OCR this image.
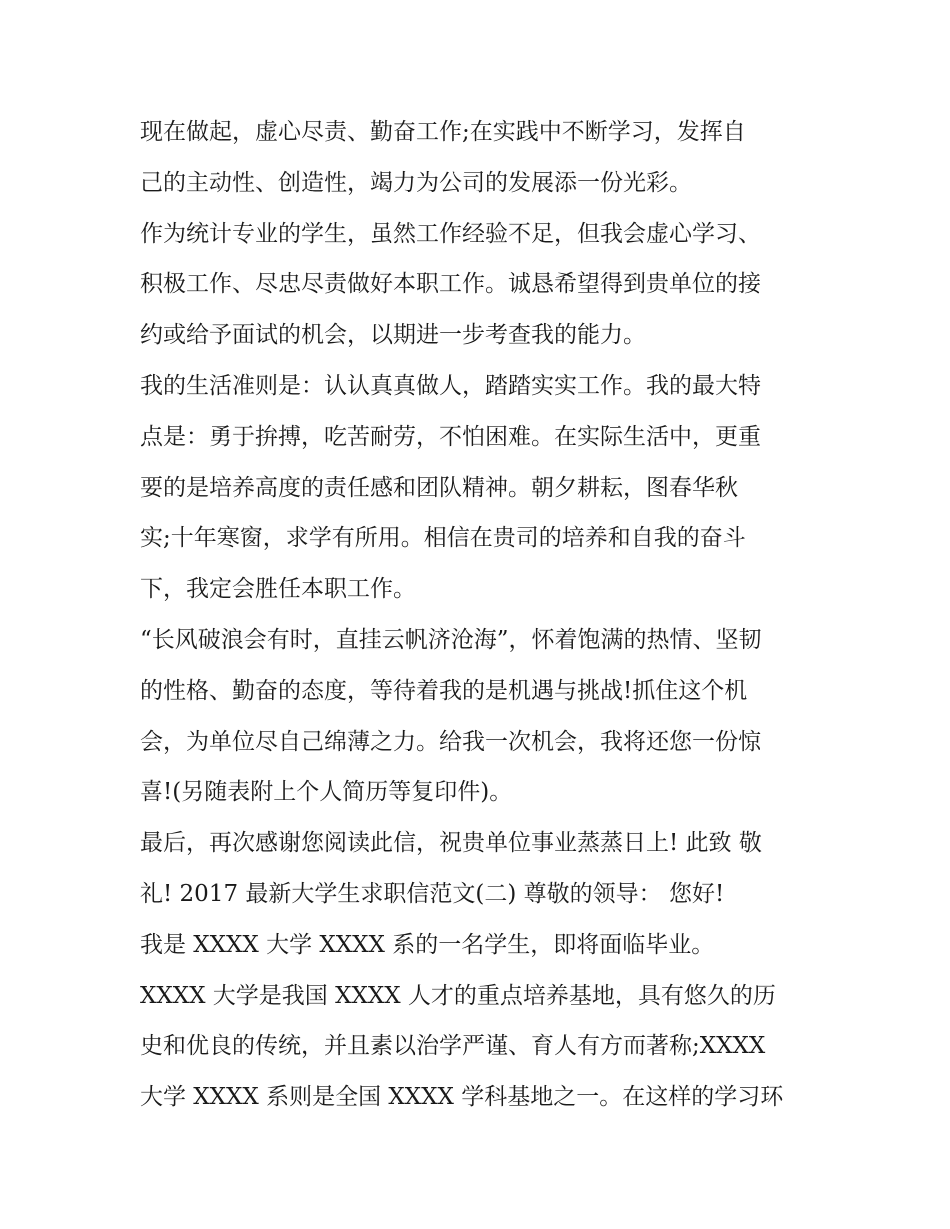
现在做起，虚心尽责、勤奋工作;在实践中不断学习，发挥自
己的主动性、创造性，竭力为公司的发展添一份光彩。
作为统计专业的学生，虽然工作经验不足，但我会虚心学习、
积极工作、尽忠尽责做好本职工作。诚恳希望得到贵单位的接
约或给予面试的机会，以期进一步考查我的能力。
我的生活准则是：认认真真做人，踏踏实实工作。我的最大特
点是：勇于拚搏，吃苦耐劳，不怕困难。在实际生活中，更重
要的是培养高度的责任感和团队精神。朝夕耕耘，图春华秋
实;十年寒窗，求学有所用。相信在贵司的培养和自我的奋斗
下，我定会胜任本职工作。
“长风破浪会有时，直挂云帆济沧海”，怀着饱满的热情、坚韧
的性格、勤奋的态度，等待着我的是机遇与挑战!抓住这个机
会，为单位尽自己绵薄之力。给我一次机会，我将还您一份惊
喜!(另随表附上个人简历等复印件)。
最后，再次感谢您阅读此信，祝贵单位事业蒸蒸日上! 此致 敬
礼! 2017 最新大学生求职信范文(二) 尊敬的领导： 您好!
我是 XXXX 大学 XXXX 系的一名学生，即将面临毕业。
XXXX 大学是我国 XXXX 人才的重点培养基地，具有悠久的历
史和优良的传统，并且素以治学严谨、育人有方而著称;XXXX
大学 XXXX 系则是全国 XXXX 学科基地之一。在这样的学习环
